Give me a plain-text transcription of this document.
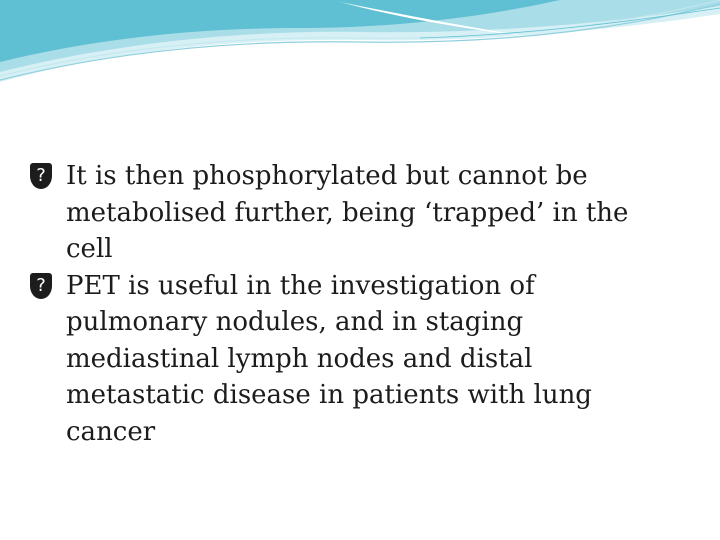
? It is then phosphorylated but cannot be metabolised further, being ‘trapped’ in the cell
? PET is useful in the investigation of pulmonary nodules, and in staging mediastinal lymph nodes and distal metastatic disease in patients with lung cancer
